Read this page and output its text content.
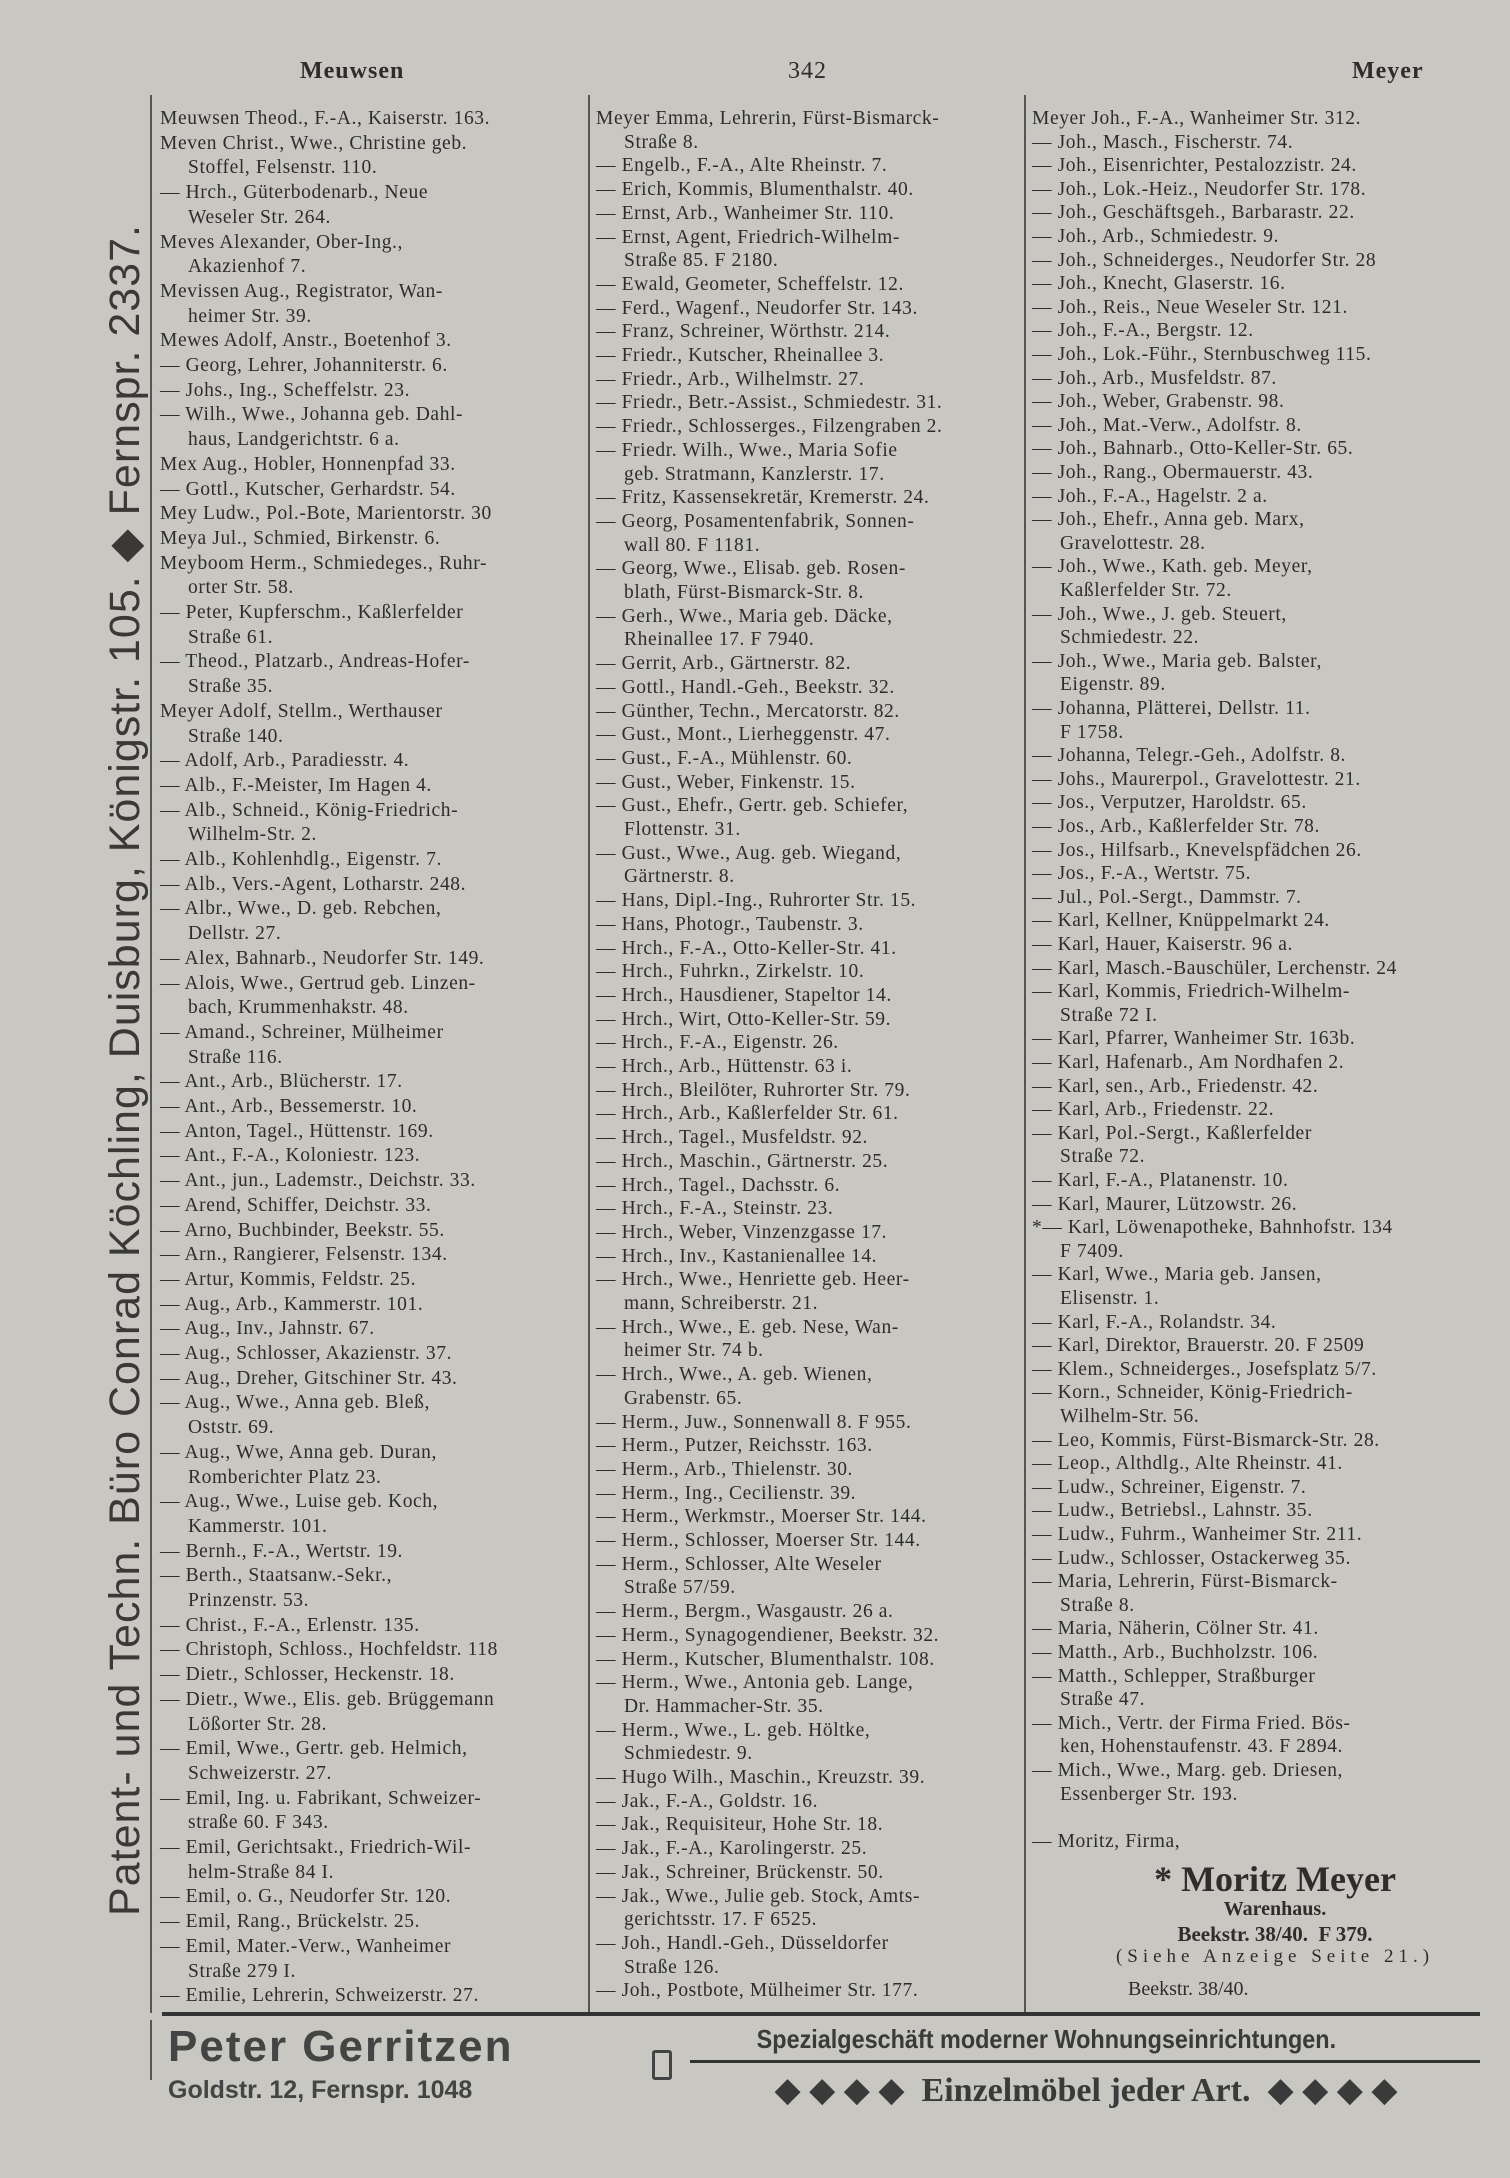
Meuwsen	342	Meyer
Patent- und Techn. Büro Conrad Köchling, Duisburg, Königstr. 105. ◆ Fernspr. 2337.
Meuwsen Theod., F.-A., Kaiserstr. 163.
Meven Christ., Wwe., Christine geb.
Stoffel, Felsenstr. 110.
— Hrch., Güterbodenarb., Neue
Weseler Str. 264.
Meves Alexander, Ober-Ing.,
Akazienhof 7.
Mevissen Aug., Registrator, Wan-
heimer Str. 39.
Mewes Adolf, Anstr., Boetenhof 3.
— Georg, Lehrer, Johanniterstr. 6.
— Johs., Ing., Scheffelstr. 23.
— Wilh., Wwe., Johanna geb. Dahl-
haus, Landgerichtstr. 6 a.
Mex Aug., Hobler, Honnenpfad 33.
— Gottl., Kutscher, Gerhardstr. 54.
Mey Ludw., Pol.-Bote, Marientorstr. 30
Meya Jul., Schmied, Birkenstr. 6.
Meyboom Herm., Schmiedeges., Ruhr-
orter Str. 58.
— Peter, Kupferschm., Kaßlerfelder
Straße 61.
— Theod., Platzarb., Andreas-Hofer-
Straße 35.
Meyer Adolf, Stellm., Werthauser
Straße 140.
— Adolf, Arb., Paradiesstr. 4.
— Alb., F.-Meister, Im Hagen 4.
— Alb., Schneid., König-Friedrich-
Wilhelm-Str. 2.
— Alb., Kohlenhdlg., Eigenstr. 7.
— Alb., Vers.-Agent, Lotharstr. 248.
— Albr., Wwe., D. geb. Rebchen,
Dellstr. 27.
— Alex, Bahnarb., Neudorfer Str. 149.
— Alois, Wwe., Gertrud geb. Linzen-
bach, Krummenhakstr. 48.
— Amand., Schreiner, Mülheimer
Straße 116.
— Ant., Arb., Blücherstr. 17.
— Ant., Arb., Bessemerstr. 10.
— Anton, Tagel., Hüttenstr. 169.
— Ant., F.-A., Koloniestr. 123.
— Ant., jun., Lademstr., Deichstr. 33.
— Arend, Schiffer, Deichstr. 33.
— Arno, Buchbinder, Beekstr. 55.
— Arn., Rangierer, Felsenstr. 134.
— Artur, Kommis, Feldstr. 25.
— Aug., Arb., Kammerstr. 101.
— Aug., Inv., Jahnstr. 67.
— Aug., Schlosser, Akazienstr. 37.
— Aug., Dreher, Gitschiner Str. 43.
— Aug., Wwe., Anna geb. Bleß,
Oststr. 69.
— Aug., Wwe, Anna geb. Duran,
Romberichter Platz 23.
— Aug., Wwe., Luise geb. Koch,
Kammerstr. 101.
— Bernh., F.-A., Wertstr. 19.
— Berth., Staatsanw.-Sekr.,
Prinzenstr. 53.
— Christ., F.-A., Erlenstr. 135.
— Christoph, Schloss., Hochfeldstr. 118
— Dietr., Schlosser, Heckenstr. 18.
— Dietr., Wwe., Elis. geb. Brüggemann
Lößorter Str. 28.
— Emil, Wwe., Gertr. geb. Helmich,
Schweizerstr. 27.
— Emil, Ing. u. Fabrikant, Schweizer-
straße 60. F 343.
— Emil, Gerichtsakt., Friedrich-Wil-
helm-Straße 84 I.
— Emil, o. G., Neudorfer Str. 120.
— Emil, Rang., Brückelstr. 25.
— Emil, Mater.-Verw., Wanheimer
Straße 279 I.
— Emilie, Lehrerin, Schweizerstr. 27.
Meyer Emma, Lehrerin, Fürst-Bismarck-
Straße 8.
— Engelb., F.-A., Alte Rheinstr. 7.
— Erich, Kommis, Blumenthalstr. 40.
— Ernst, Arb., Wanheimer Str. 110.
— Ernst, Agent, Friedrich-Wilhelm-
Straße 85. F 2180.
— Ewald, Geometer, Scheffelstr. 12.
— Ferd., Wagenf., Neudorfer Str. 143.
— Franz, Schreiner, Wörthstr. 214.
— Friedr., Kutscher, Rheinallee 3.
— Friedr., Arb., Wilhelmstr. 27.
— Friedr., Betr.-Assist., Schmiedestr. 31.
— Friedr., Schlosserges., Filzengraben 2.
— Friedr. Wilh., Wwe., Maria Sofie
geb. Stratmann, Kanzlerstr. 17.
— Fritz, Kassensekretär, Kremerstr. 24.
— Georg, Posamentenfabrik, Sonnen-
wall 80. F 1181.
— Georg, Wwe., Elisab. geb. Rosen-
blath, Fürst-Bismarck-Str. 8.
— Gerh., Wwe., Maria geb. Däcke,
Rheinallee 17. F 7940.
— Gerrit, Arb., Gärtnerstr. 82.
— Gottl., Handl.-Geh., Beekstr. 32.
— Günther, Techn., Mercatorstr. 82.
— Gust., Mont., Lierheggenstr. 47.
— Gust., F.-A., Mühlenstr. 60.
— Gust., Weber, Finkenstr. 15.
— Gust., Ehefr., Gertr. geb. Schiefer,
Flottenstr. 31.
— Gust., Wwe., Aug. geb. Wiegand,
Gärtnerstr. 8.
— Hans, Dipl.-Ing., Ruhrorter Str. 15.
— Hans, Photogr., Taubenstr. 3.
— Hrch., F.-A., Otto-Keller-Str. 41.
— Hrch., Fuhrkn., Zirkelstr. 10.
— Hrch., Hausdiener, Stapeltor 14.
— Hrch., Wirt, Otto-Keller-Str. 59.
— Hrch., F.-A., Eigenstr. 26.
— Hrch., Arb., Hüttenstr. 63 i.
— Hrch., Bleilöter, Ruhrorter Str. 79.
— Hrch., Arb., Kaßlerfelder Str. 61.
— Hrch., Tagel., Musfeldstr. 92.
— Hrch., Maschin., Gärtnerstr. 25.
— Hrch., Tagel., Dachsstr. 6.
— Hrch., F.-A., Steinstr. 23.
— Hrch., Weber, Vinzenzgasse 17.
— Hrch., Inv., Kastanienallee 14.
— Hrch., Wwe., Henriette geb. Heer-
mann, Schreiberstr. 21.
— Hrch., Wwe., E. geb. Nese, Wan-
heimer Str. 74 b.
— Hrch., Wwe., A. geb. Wienen,
Grabenstr. 65.
— Herm., Juw., Sonnenwall 8. F 955.
— Herm., Putzer, Reichsstr. 163.
— Herm., Arb., Thielenstr. 30.
— Herm., Ing., Cecilienstr. 39.
— Herm., Werkmstr., Moerser Str. 144.
— Herm., Schlosser, Moerser Str. 144.
— Herm., Schlosser, Alte Weseler
Straße 57/59.
— Herm., Bergm., Wasgaustr. 26 a.
— Herm., Synagogendiener, Beekstr. 32.
— Herm., Kutscher, Blumenthalstr. 108.
— Herm., Wwe., Antonia geb. Lange,
Dr. Hammacher-Str. 35.
— Herm., Wwe., L. geb. Höltke,
Schmiedestr. 9.
— Hugo Wilh., Maschin., Kreuzstr. 39.
— Jak., F.-A., Goldstr. 16.
— Jak., Requisiteur, Hohe Str. 18.
— Jak., F.-A., Karolingerstr. 25.
— Jak., Schreiner, Brückenstr. 50.
— Jak., Wwe., Julie geb. Stock, Amts-
gerichtsstr. 17. F 6525.
— Joh., Handl.-Geh., Düsseldorfer
Straße 126.
— Joh., Postbote, Mülheimer Str. 177.
Meyer Joh., F.-A., Wanheimer Str. 312.
— Joh., Masch., Fischerstr. 74.
— Joh., Eisenrichter, Pestalozzistr. 24.
— Joh., Lok.-Heiz., Neudorfer Str. 178.
— Joh., Geschäftsgeh., Barbarastr. 22.
— Joh., Arb., Schmiedestr. 9.
— Joh., Schneiderges., Neudorfer Str. 28
— Joh., Knecht, Glaserstr. 16.
— Joh., Reis., Neue Weseler Str. 121.
— Joh., F.-A., Bergstr. 12.
— Joh., Lok.-Führ., Sternbuschweg 115.
— Joh., Arb., Musfeldstr. 87.
— Joh., Weber, Grabenstr. 98.
— Joh., Mat.-Verw., Adolfstr. 8.
— Joh., Bahnarb., Otto-Keller-Str. 65.
— Joh., Rang., Obermauerstr. 43.
— Joh., F.-A., Hagelstr. 2 a.
— Joh., Ehefr., Anna geb. Marx,
Gravelottestr. 28.
— Joh., Wwe., Kath. geb. Meyer,
Kaßlerfelder Str. 72.
— Joh., Wwe., J. geb. Steuert,
Schmiedestr. 22.
— Joh., Wwe., Maria geb. Balster,
Eigenstr. 89.
— Johanna, Plätterei, Dellstr. 11.
F 1758.
— Johanna, Telegr.-Geh., Adolfstr. 8.
— Johs., Maurerpol., Gravelottestr. 21.
— Jos., Verputzer, Haroldstr. 65.
— Jos., Arb., Kaßlerfelder Str. 78.
— Jos., Hilfsarb., Knevelspfädchen 26.
— Jos., F.-A., Wertstr. 75.
— Jul., Pol.-Sergt., Dammstr. 7.
— Karl, Kellner, Knüppelmarkt 24.
— Karl, Hauer, Kaiserstr. 96 a.
— Karl, Masch.-Bauschüler, Lerchenstr. 24
— Karl, Kommis, Friedrich-Wilhelm-
Straße 72 I.
— Karl, Pfarrer, Wanheimer Str. 163b.
— Karl, Hafenarb., Am Nordhafen 2.
— Karl, sen., Arb., Friedenstr. 42.
— Karl, Arb., Friedenstr. 22.
— Karl, Pol.-Sergt., Kaßlerfelder
Straße 72.
— Karl, F.-A., Platanenstr. 10.
— Karl, Maurer, Lützowstr. 26.
*— Karl, Löwenapotheke, Bahnhofstr. 134
F 7409.
— Karl, Wwe., Maria geb. Jansen,
Elisenstr. 1.
— Karl, F.-A., Rolandstr. 34.
— Karl, Direktor, Brauerstr. 20. F 2509
— Klem., Schneiderges., Josefsplatz 5/7.
— Korn., Schneider, König-Friedrich-
Wilhelm-Str. 56.
— Leo, Kommis, Fürst-Bismarck-Str. 28.
— Leop., Althdlg., Alte Rheinstr. 41.
— Ludw., Schreiner, Eigenstr. 7.
— Ludw., Betriebsl., Lahnstr. 35.
— Ludw., Fuhrm., Wanheimer Str. 211.
— Ludw., Schlosser, Ostackerweg 35.
— Maria, Lehrerin, Fürst-Bismarck-
Straße 8.
— Maria, Näherin, Cölner Str. 41.
— Matth., Arb., Buchholzstr. 106.
— Matth., Schlepper, Straßburger
Straße 47.
— Mich., Vertr. der Firma Fried. Bös-
ken, Hohenstaufenstr. 43. F 2894.
— Mich., Wwe., Marg. geb. Driesen,
Essenberger Str. 193.
— Moritz, Firma,
* Moritz Meyer
Warenhaus.
Beekstr. 38/40.  F 379.
(Siehe Anzeige Seite 21.)
Beekstr. 38/40.
Peter Gerritzen
Goldstr. 12, Fernspr. 1048
Spezialgeschäft moderner Wohnungseinrichtungen.
◆ ◆ ◆ ◆  Einzelmöbel jeder Art.  ◆ ◆ ◆ ◆
